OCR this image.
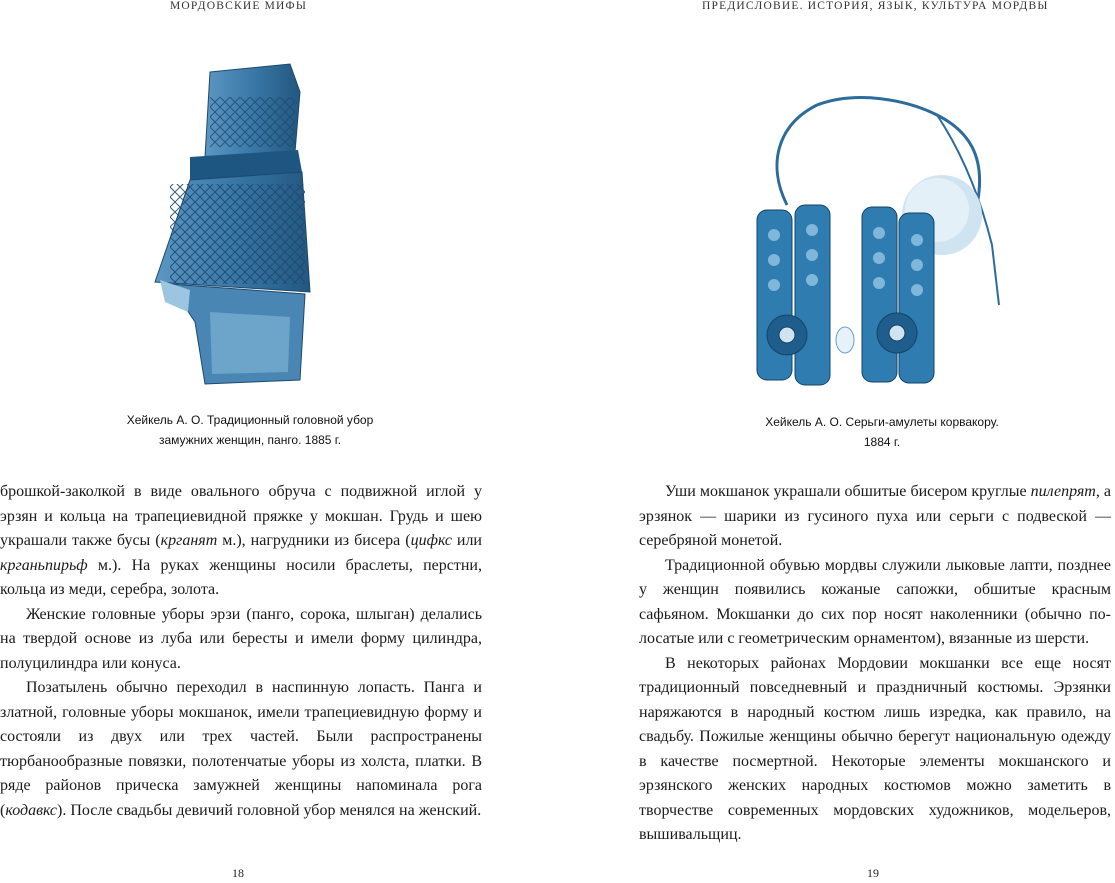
МОРДОВСКИЕ МИФЫ
Хейкель А. О. Традиционный головной убор
замужних женщин, панго. 1885 г.

брошкой-заколкой в виде овального обруча с подвижной иглой у эрзян и кольца на трапециевидной пряжке у мокшан. Грудь и шею украшали также бусы (крганят м.), нагрудники из бисера (цифкс или крганьпирьф м.). На руках женщины носили браслеты, перстни, кольца из меди, серебра, золота.

Женские головные уборы эрзи (панго, сорока, шлыган) делались на твердой основе из луба или бересты и имели форму цилиндра, полуцилиндра или конуса.

Позатылень обычно переходил в наспинную лопасть. Панга и златной, головные уборы мокшанок, имели трапециевидную форму и состояли из двух или трех частей. Были распространены тюрбанообразные повязки, полотенчатые уборы из холста, платки. В ряде районов прическа замужней женщины напоминала рога (кодавкс). После свадьбы девичий головной убор менялся на женский.

18
ПРЕДИСЛОВИЕ. ИСТОРИЯ, ЯЗЫК, КУЛЬТУРА МОРДВЫ
Хейкель А. О. Серьги-амулеты корвакору.
1884 г.

Уши мокшанок украшали обшитые бисером круглые пилепрят, а эрзянок — шарики из гусиного пуха или серьги с подвеской — серебряной монетой.

Традиционной обувью мордвы служили лыковые лапти, позднее у женщин появились кожаные сапожки, обшитые красным сафьяном. Мокшанки до сих пор носят наколенники (обычно полосатые или с геометрическим орнаментом), вязанные из шерсти.

В некоторых районах Мордовии мокшанки все еще носят традиционный повседневный и праздничный костюмы. Эрзянки наряжаются в народный костюм лишь изредка, как правило, на свадьбу. Пожилые женщины обычно берегут национальную одежду в качестве посмертной. Некоторые элементы мокшанского и эрзянского женских народных костюмов можно заметить в творчестве современных мордовских художников, модельеров, вышивальщиц.

19
